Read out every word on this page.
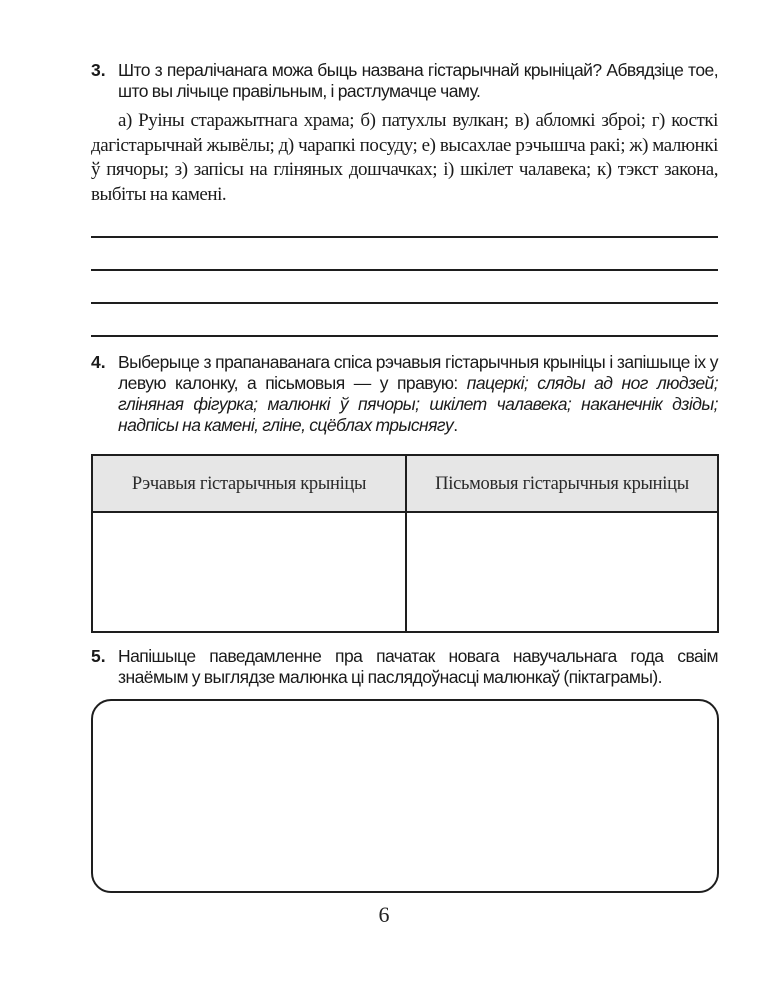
3. Што з пералічанага можа быць названа гістарычнай крыніцай? Абвядзіце тое, што вы лічыце правільным, і растлумачце чаму.

а) Руіны старажытнага храма; б) патухлы вулкан; в) абломкі зброі; г) косткі дагістарычнай жывёлы; д) чарапкі посуду; е) высахлае рэчышча ракі; ж) малюнкі ў пячоры; з) запісы на гліняных дошчачках; і) шкілет чалавека; к) тэкст закона, выбіты на камені.

4. Выберыце з прапанаванага спіса рэчавыя гістарычныя крыніцы і запішыце іх у левую калонку, а пісьмовыя — у правую: пацеркі; сляды ад ног людзей; гліняная фігурка; малюнкі ў пячоры; шкілет чалавека; наканечнік дзіды; надпісы на камені, гліне, сцёблах трыснягу.
Рэчавыя гістарычныя крыніцы	Пісьмовыя гістарычныя крыніцы

5. Напішыце паведамленне пра пачатак новага навучальнага года сваім знаёмым у выглядзе малюнка ці паслядоўнасці малюнкаў (піктаграмы).
6
